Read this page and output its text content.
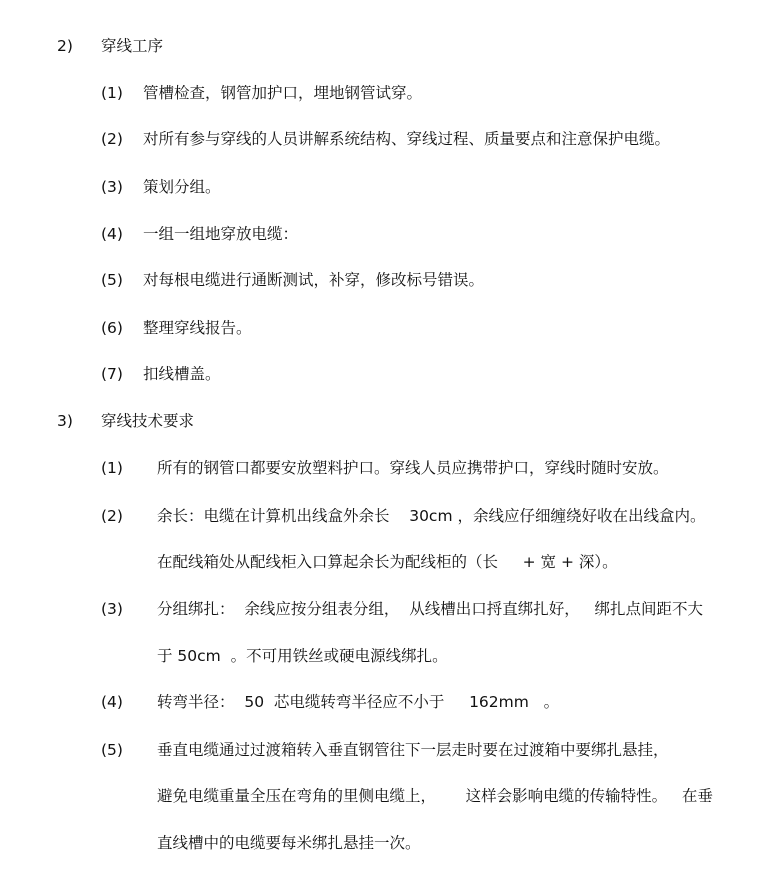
2) 穿线工序
(1) 管槽检查，钢管加护口，埋地钢管试穿。
(2) 对所有参与穿线的人员讲解系统结构、穿线过程、质量要点和注意保护电缆。
(3) 策划分组。
(4) 一组一组地穿放电缆：
(5) 对每根电缆进行通断测试，补穿，修改标号错误。
(6) 整理穿线报告。
(7) 扣线槽盖。
3) 穿线技术要求
(1) 所有的钢管口都要安放塑料护口。穿线人员应携带护口，穿线时随时安放。
(2) 余长：电缆在计算机出线盒外余长    30cm ，余线应仔细缠绕好收在出线盒内。
在配线箱处从配线柜入口算起余长为配线柜的（长     + 宽 + 深）。
(3) 分组绑扎：  余线应按分组表分组，  从线槽出口捋直绑扎好，   绑扎点间距不大
于 50cm  。不可用铁丝或硬电源线绑扎。
(4) 转弯半径：  50  芯电缆转弯半径应不小于     162mm   。
(5) 垂直电缆通过过渡箱转入垂直钢管往下一层走时要在过渡箱中要绑扎悬挂，
避免电缆重量全压在弯角的里侧电缆上，      这样会影响电缆的传输特性。   在垂
直线槽中的电缆要每米绑扎悬挂一次。
